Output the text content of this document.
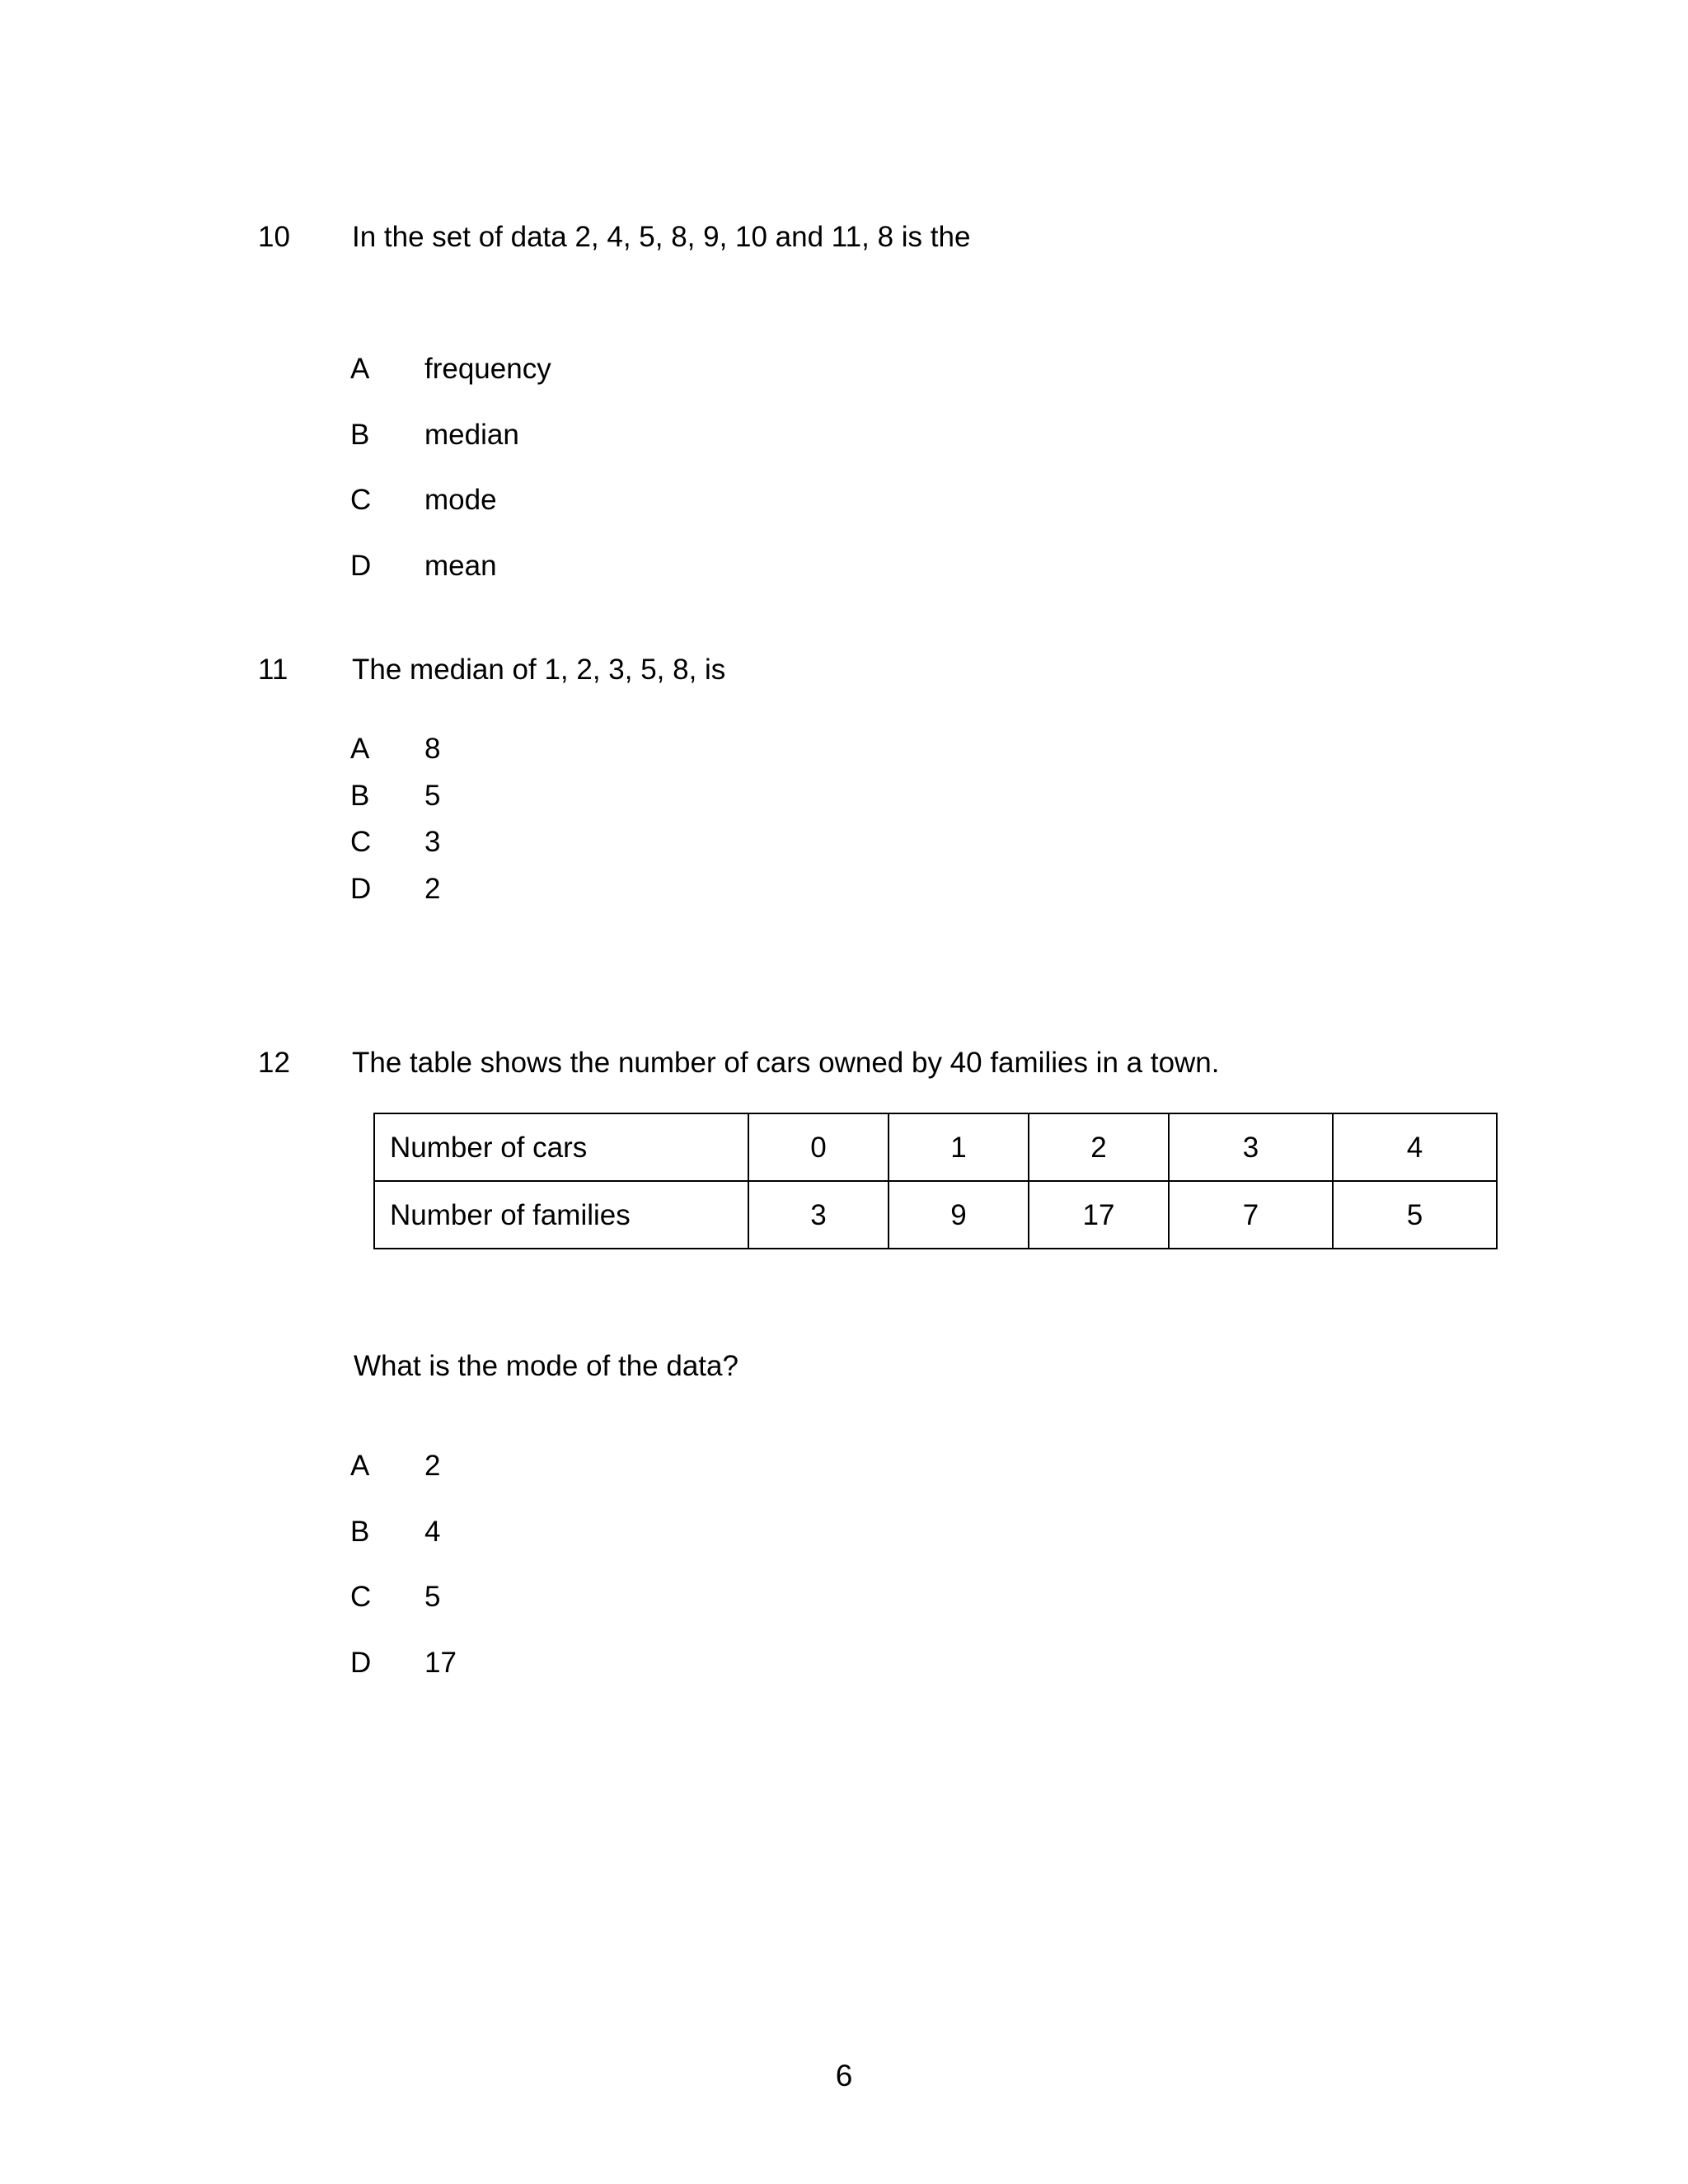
10 In the set of data 2, 4, 5, 8, 9, 10 and 11, 8 is the
A frequency
B median
C mode
D mean
11 The median of 1, 2, 3, 5, 8, is
A 8
B 5
C 3
D 2
12 The table shows the number of cars owned by 40 families in a town.
Number of cars	0	1	2	3	4
Number of families	3	9	17	7	5
What is the mode of the data?
A 2
B 4
C 5
D 17
6
